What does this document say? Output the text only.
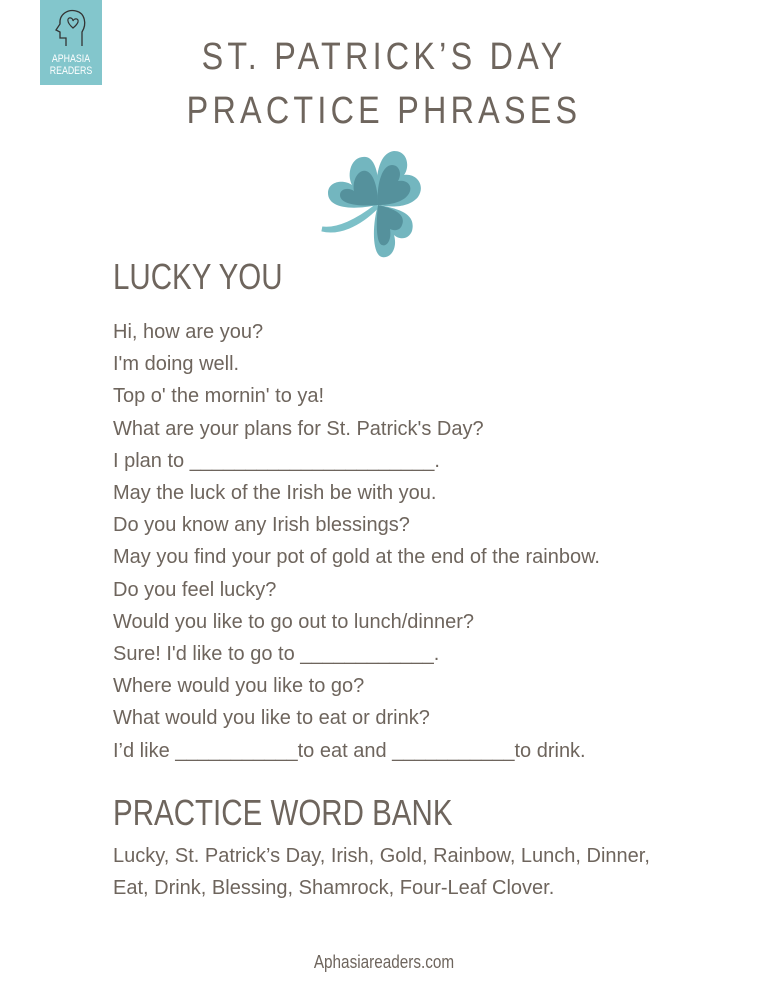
APHASIA
READERS	ST. PATRICK’S DAY
PRACTICE PHRASES
LUCKY YOU
Hi, how are you?
I'm doing well.
Top o' the mornin' to ya!
What are your plans for St. Patrick's Day?
I plan to ______________________.
May the luck of the Irish be with you.
Do you know any Irish blessings?
May you find your pot of gold at the end of the rainbow.
Do you feel lucky?
Would you like to go out to lunch/dinner?
Sure! I'd like to go to ____________.
Where would you like to go?
What would you like to eat or drink?
I’d like ___________to eat and ___________to drink.
PRACTICE WORD BANK
Lucky, St. Patrick’s Day, Irish, Gold, Rainbow, Lunch, Dinner, Eat, Drink, Blessing, Shamrock, Four-Leaf Clover.
Aphasiareaders.com
